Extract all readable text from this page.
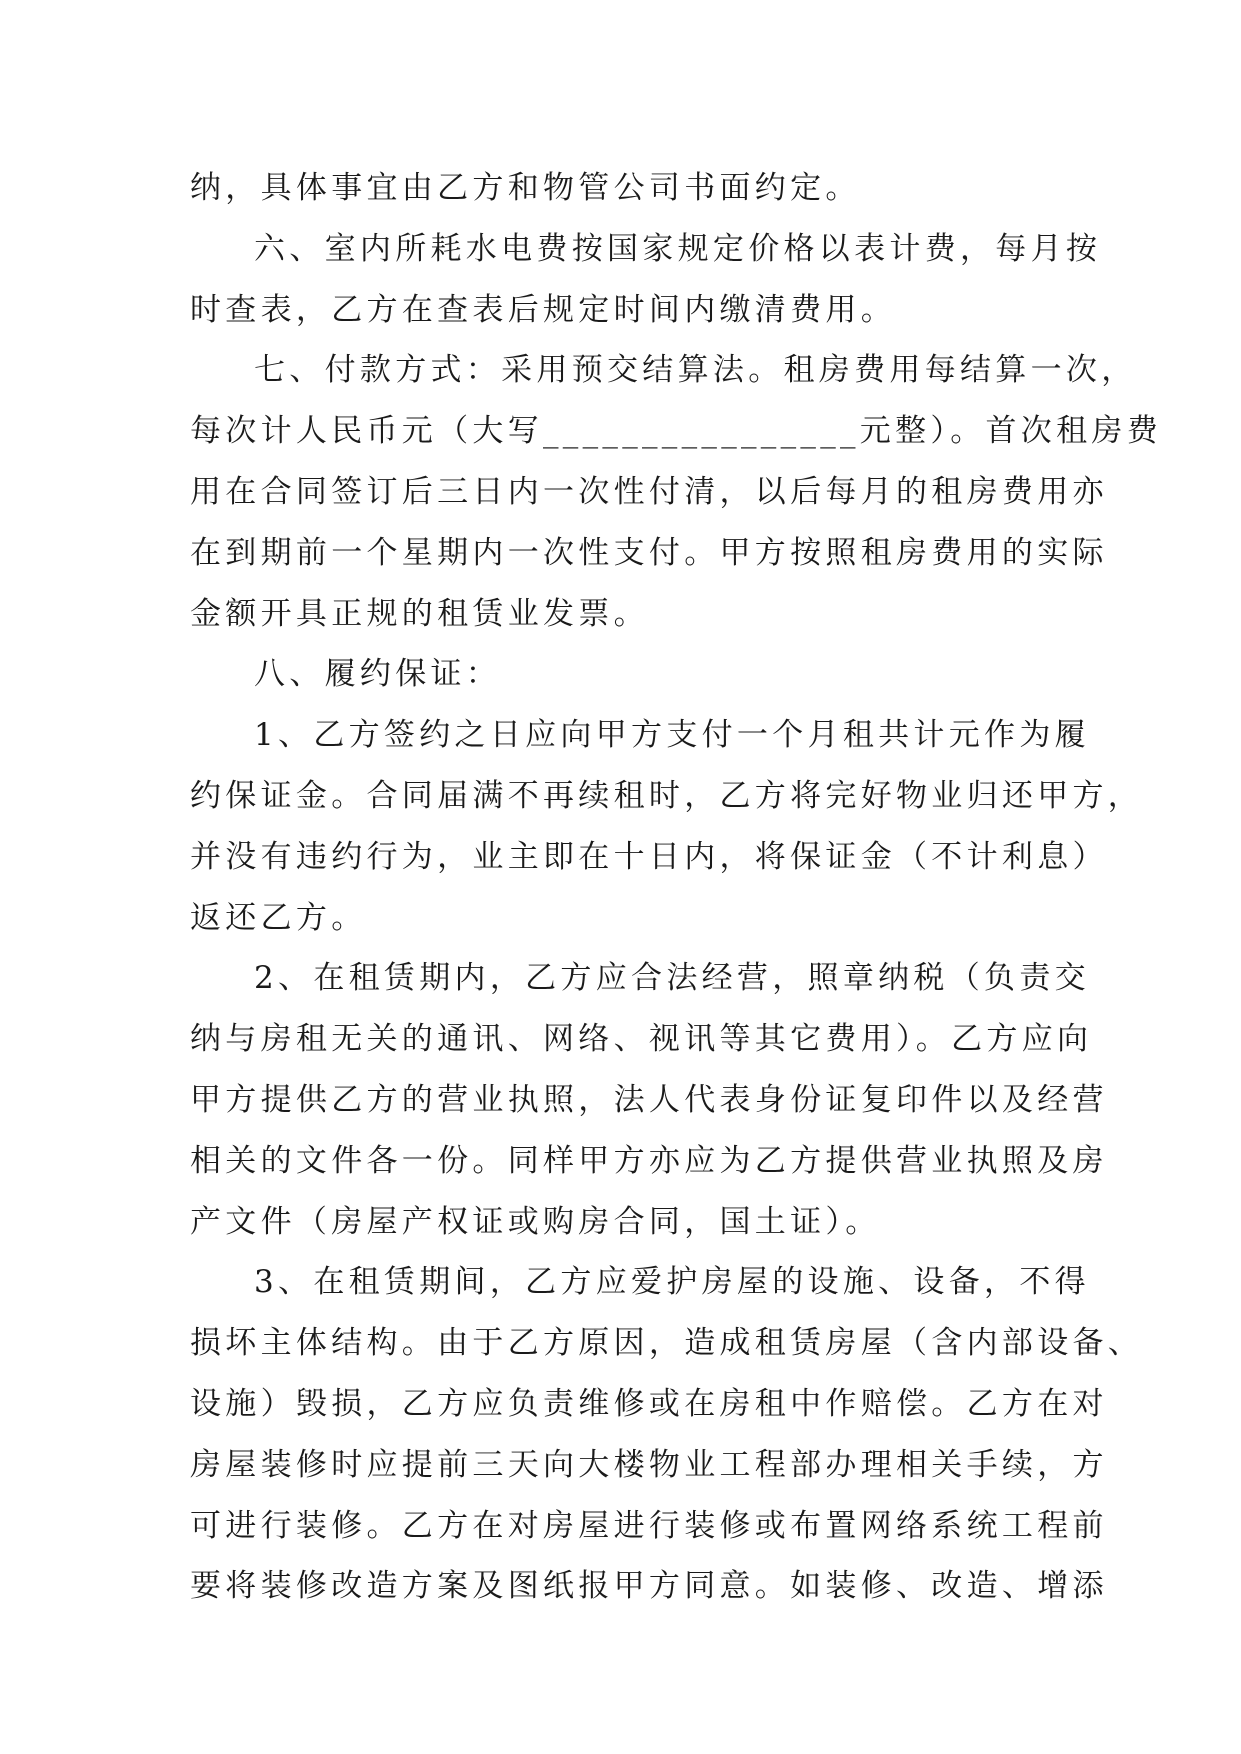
纳，具体事宜由乙方和物管公司书面约定。
六、室内所耗水电费按国家规定价格以表计费，每月按
时查表，乙方在查表后规定时间内缴清费用。
七、付款方式：采用预交结算法。租房费用每结算一次，
每次计人民币元（大写________________元整）。首次租房费
用在合同签订后三日内一次性付清，以后每月的租房费用亦
在到期前一个星期内一次性支付。甲方按照租房费用的实际
金额开具正规的租赁业发票。
八、履约保证：
1、乙方签约之日应向甲方支付一个月租共计元作为履
约保证金。合同届满不再续租时，乙方将完好物业归还甲方，
并没有违约行为，业主即在十日内，将保证金（不计利息）
返还乙方。
2、在租赁期内，乙方应合法经营，照章纳税（负责交
纳与房租无关的通讯、网络、视讯等其它费用）。乙方应向
甲方提供乙方的营业执照，法人代表身份证复印件以及经营
相关的文件各一份。同样甲方亦应为乙方提供营业执照及房
产文件（房屋产权证或购房合同，国土证）。
3、在租赁期间，乙方应爱护房屋的设施、设备，不得
损坏主体结构。由于乙方原因，造成租赁房屋（含内部设备、
设施）毁损，乙方应负责维修或在房租中作赔偿。乙方在对
房屋装修时应提前三天向大楼物业工程部办理相关手续，方
可进行装修。乙方在对房屋进行装修或布置网络系统工程前
要将装修改造方案及图纸报甲方同意。如装修、改造、增添
